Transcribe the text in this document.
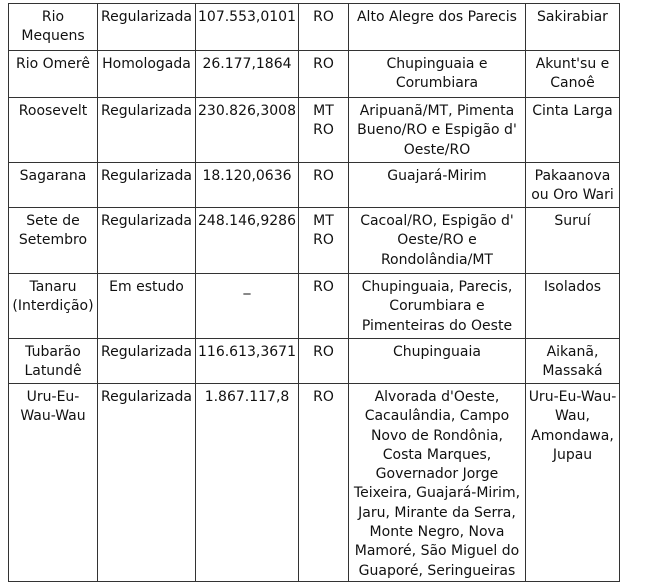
Rio Mequens	Regularizada	107.553,0101	RO	Alto Alegre dos Parecis	Sakirabiar
Rio Omerê	Homologada	26.177,1864	RO	Chupinguaia e Corumbiara	Akunt'su e Canoê
Roosevelt	Regularizada	230.826,3008	MT RO	Aripuanã/MT, Pimenta Bueno/RO e Espigão d' Oeste/RO	Cinta Larga
Sagarana	Regularizada	18.120,0636	RO	Guajará-Mirim	Pakaanova ou Oro Wari
Sete de Setembro	Regularizada	248.146,9286	MT RO	Cacoal/RO, Espigão d' Oeste/RO e Rondolândia/MT	Suruí
Tanaru (Interdição)	Em estudo	_	RO	Chupinguaia, Parecis, Corumbiara e Pimenteiras do Oeste	Isolados
Tubarão Latundê	Regularizada	116.613,3671	RO	Chupinguaia	Aikanã, Massaká
Uru-Eu-Wau-Wau	Regularizada	1.867.117,8	RO	Alvorada d'Oeste, Cacaulândia, Campo Novo de Rondônia, Costa Marques, Governador Jorge Teixeira, Guajará-Mirim, Jaru, Mirante da Serra, Monte Negro, Nova Mamoré, São Miguel do Guaporé, Seringueiras	Uru-Eu-Wau-Wau, Amondawa, Jupau
